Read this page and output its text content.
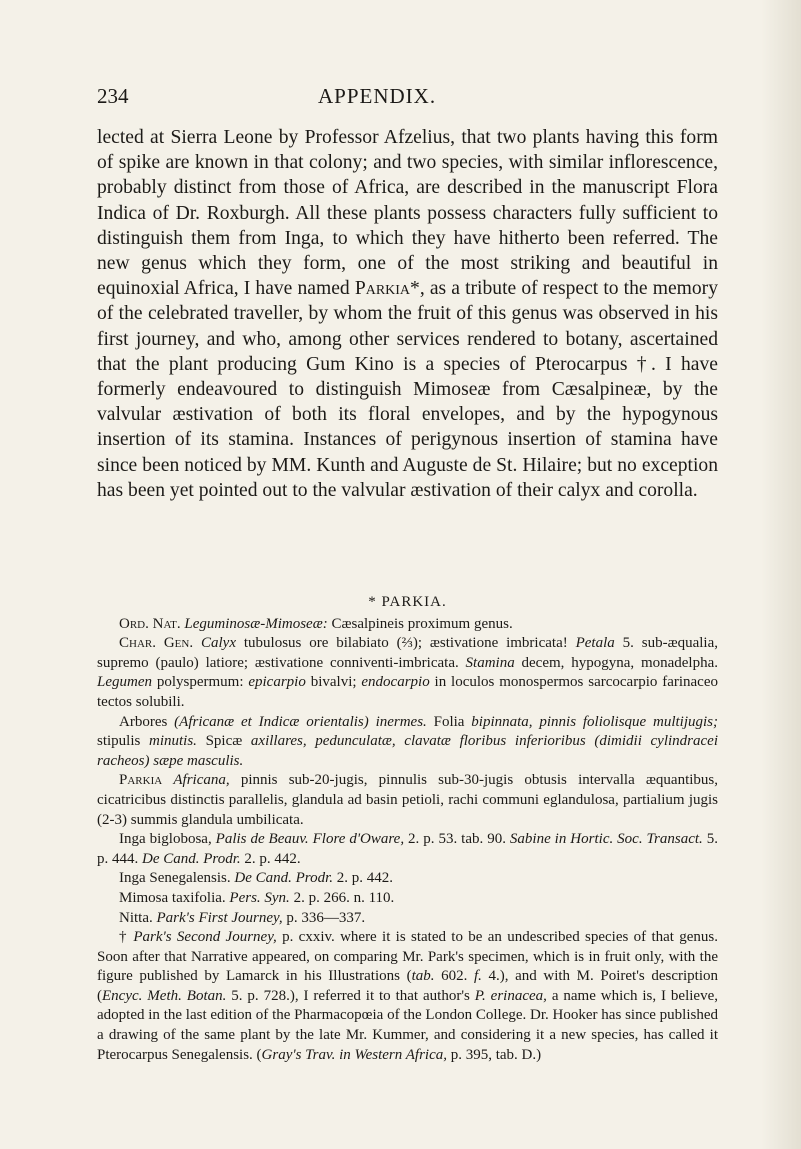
234	APPENDIX.

lected at Sierra Leone by Professor Afzelius, that two plants having this form of spike are known in that colony; and two species, with similar inflorescence, probably distinct from those of Africa, are described in the manuscript Flora Indica of Dr. Roxburgh. All these plants possess characters fully sufficient to distinguish them from Inga, to which they have hitherto been referred. The new genus which they form, one of the most striking and beautiful in equinoxial Africa, I have named Parkia*, as a tribute of respect to the memory of the celebrated traveller, by whom the fruit of this genus was observed in his first journey, and who, among other services rendered to botany, ascertained that the plant producing Gum Kino is a species of Pterocarpus †. I have formerly endeavoured to distinguish Mimoseæ from Cæsalpineæ, by the valvular æstivation of both its floral envelopes, and by the hypogynous insertion of its stamina. Instances of perigynous insertion of stamina have since been noticed by MM. Kunth and Auguste de St. Hilaire; but no exception has been yet pointed out to the valvular æstivation of their calyx and corolla.

* PARKIA.

Ord. Nat. Leguminosæ-Mimoseæ: Cæsalpineis proximum genus.

Char. Gen. Calyx tubulosus ore bilabiato (⅔); æstivatione imbricata! Petala 5. sub-æqualia, supremo (paulo) latiore; æstivatione conniventi-imbricata. Stamina decem, hypogyna, monadelpha. Legumen polyspermum: epicarpio bivalvi; endocarpio in loculos monospermos sarcocarpio farinaceo tectos solubili.

Arbores (Africanæ et Indicæ orientalis) inermes. Folia bipinnata, pinnis foliolisque multijugis; stipulis minutis. Spicæ axillares, pedunculatæ, clavatæ floribus inferioribus (dimidii cylindracei racheos) sæpe masculis.

Parkia Africana, pinnis sub-20-jugis, pinnulis sub-30-jugis obtusis intervalla æquantibus, cicatricibus distinctis parallelis, glandula ad basin petioli, rachi communi eglandulosa, partialium jugis (2-3) summis glandula umbilicata.

Inga biglobosa, Palis de Beauv. Flore d'Oware, 2. p. 53. tab. 90. Sabine in Hortic. Soc. Transact. 5. p. 444. De Cand. Prodr. 2. p. 442.

Inga Senegalensis. De Cand. Prodr. 2. p. 442.

Mimosa taxifolia. Pers. Syn. 2. p. 266. n. 110.

Nitta. Park's First Journey, p. 336—337.

† Park's Second Journey, p. cxxiv. where it is stated to be an undescribed species of that genus. Soon after that Narrative appeared, on comparing Mr. Park's specimen, which is in fruit only, with the figure published by Lamarck in his Illustrations (tab. 602. f. 4.), and with M. Poiret's description (Encyc. Meth. Botan. 5. p. 728.), I referred it to that author's P. erinacea, a name which is, I believe, adopted in the last edition of the Pharmacopœia of the London College. Dr. Hooker has since published a drawing of the same plant by the late Mr. Kummer, and considering it a new species, has called it Pterocarpus Senegalensis. (Gray's Trav. in Western Africa, p. 395, tab. D.)
